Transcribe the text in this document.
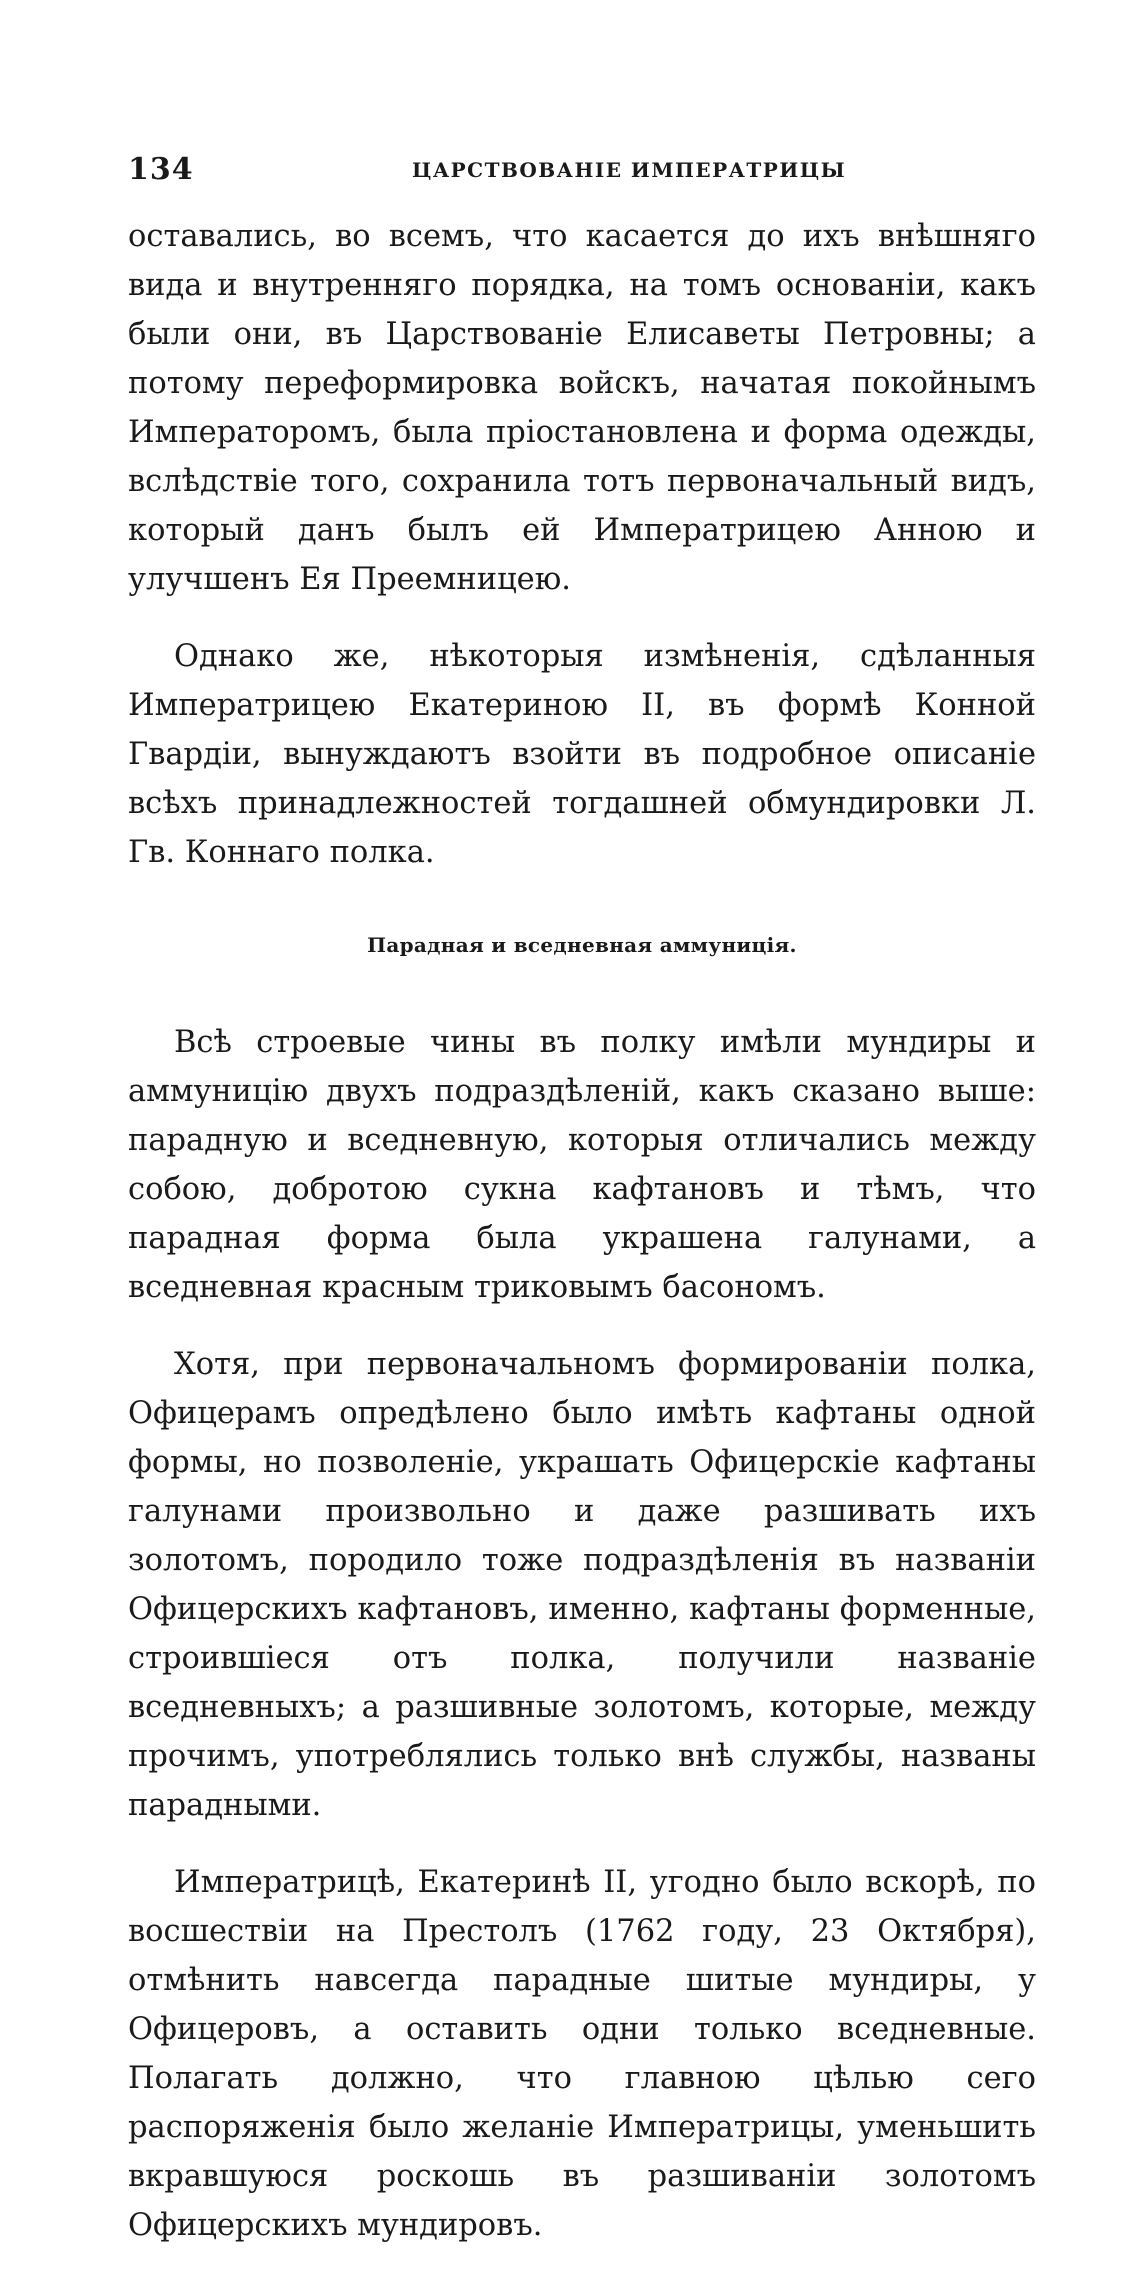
134	ЦАРСТВОВАНІЕ ИМПЕРАТРИЦЫ

оставались, во всемъ, что касается до ихъ внѣшняго вида и внутренняго порядка, на томъ основаніи, какъ были они, въ Царствованіе Елисаветы Петровны; а потому переформировка войскъ, начатая покойнымъ Императоромъ, была пріостановлена и форма одежды, вслѣдствіе того, сохранила тотъ первоначальный видъ, который данъ былъ ей Императрицею Анною и улучшенъ Ея Преемницею.

Однако же, нѣкоторыя измѣненія, сдѣланныя Императрицею Екатериною II, въ формѣ Конной Гвардіи, вынуждаютъ взойти въ подробное описаніе всѣхъ принадлежностей тогдашней обмундировки Л. Гв. Коннаго полка.

Парадная и вседневная аммуниція.

Всѣ строевые чины въ полку имѣли мундиры и аммуницію двухъ подраздѣленій, какъ сказано выше: парадную и вседневную, которыя отличались между собою, добротою сукна кафтановъ и тѣмъ, что парадная форма была украшена галунами, а вседневная красным триковымъ басономъ.

Хотя, при первоначальномъ формированіи полка, Офицерамъ опредѣлено было имѣть кафтаны одной формы, но позволеніе, украшать Офицерскіе кафтаны галунами произвольно и даже разшивать ихъ золотомъ, породило тоже подраздѣленія въ названіи Офицерскихъ кафтановъ, именно, кафтаны форменные, строившіеся отъ полка, получили названіе вседневныхъ; а разшивные золотомъ, которые, между прочимъ, употреблялись только внѣ службы, названы парадными.

Императрицѣ, Екатеринѣ II, угодно было вскорѣ, по восшествіи на Престолъ (1762 году, 23 Октября), отмѣнить навсегда парадные шитые мундиры, у Офицеровъ, а оставить одни только вседневные. Полагать должно, что главною цѣлью сего распоряженія было желаніе Императрицы, уменьшить вкравшуюся роскошь въ разшиваніи золотомъ Офицерскихъ мундировъ.
